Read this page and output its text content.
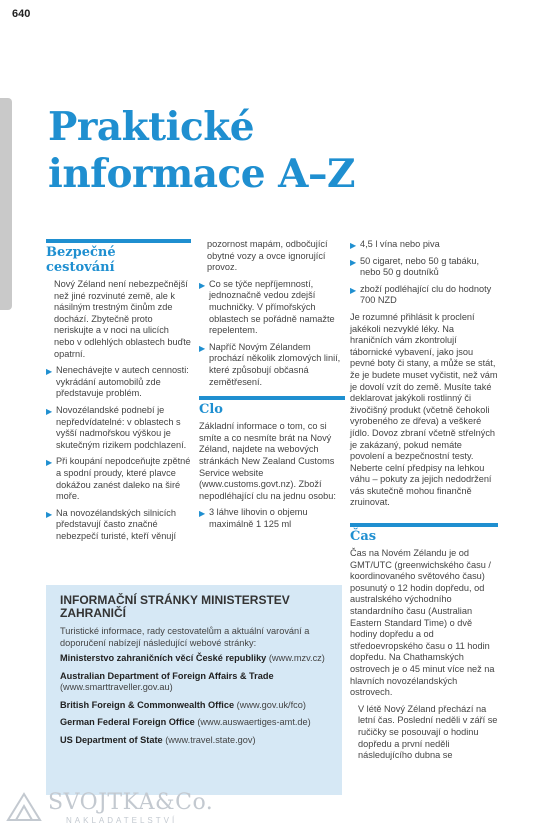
640
Praktické
informace A–Z
Bezpečné
cestování

Nový Zéland není nebezpečnější než jiné rozvinuté země, ale k násilným trestným činům zde dochází. Zbytečně proto neriskujte a v noci na ulicích nebo v odlehlých oblastech buďte opatrní.

▶ Nenechávejte v autech cennosti: vykrádání automobilů zde představuje problém.
▶ Novozélandské podnebí je nepředvídatelné: v oblastech s vyšší nadmořskou výškou je skutečným rizikem podchlazení.
▶ Při koupání nepodceňujte zpětné a spodní proudy, které plavce dokážou zanést daleko na širé moře.
▶ Na novozélandských silnicích představují často značné nebezpečí turisté, kteří věnují

pozornost mapám, odbočující obytné vozy a ovce ignorující provoz.

▶ Co se týče nepříjemností, jednoznačně vedou zdejší muchničky. V přímořských oblastech se pořádně namažte repelentem.
▶ Napříč Novým Zélandem prochází několik zlomových linií, které způsobují občasná zemětřesení.
Clo

Základní informace o tom, co si smíte a co nesmíte brát na Nový Zéland, najdete na webových stránkách New Zealand Customs Service website (www.customs.govt.nz). Zboží nepodléhající clu na jednu osobu:

▶ 3 láhve lihovin o objemu maximálně 1 125 ml
▶ 4,5 l vína nebo piva
▶ 50 cigaret, nebo 50 g tabáku, nebo 50 g doutníků
▶ zboží podléhající clu do hodnoty 700 NZD

Je rozumné přihlásit k proclení jakékoli nezvyklé léky. Na hraničních vám zkontrolují tábornické vybavení, jako jsou pevné boty či stany, a může se stát, že je budete muset vyčistit, než vám je dovolí vzít do země. Musíte také deklarovat jakýkoli rostlinný či živočišný produkt (včetně čehokoli vyrobeného ze dřeva) a veškeré jídlo. Dovoz zbraní včetně střelných je zakázaný, pokud nemáte povolení a bezpečnostní testy. Neberte celní předpisy na lehkou váhu – pokuty za jejich nedodržení vás skutečně mohou finančně zruinovat.

Čas

Čas na Novém Zélandu je od GMT/UTC (greenwichského času / koordinovaného světového času) posunutý o 12 hodin dopředu, od australského východního standardního času (Australian Eastern Standard Time) o dvě hodiny dopředu a od středoevropského času o 11 hodin dopředu. Na Chathamských ostrovech je o 45 minut více než na hlavních novozélandských ostrovech.

V létě Nový Zéland přechází na letní čas. Poslední neděli v září se ručičky se posouvají o hodinu dopředu a první neděli následujícího dubna se

INFORMAČNÍ STRÁNKY MINISTERSTEV ZAHRANIČÍ
Turistické informace, rady cestovatelům a aktuální varování a doporučení nabízejí následující webové stránky:
Ministerstvo zahraničních věcí České republiky (www.mzv.cz)
Australian Department of Foreign Affairs & Trade (www.smarttraveller.gov.au)
British Foreign & Commonwealth Office (www.gov.uk/fco)
German Federal Foreign Office (www.auswaertiges-amt.de)
US Department of State (www.travel.state.gov)
SVOJTKA&Co.
NAKLADATELSTVÍ
